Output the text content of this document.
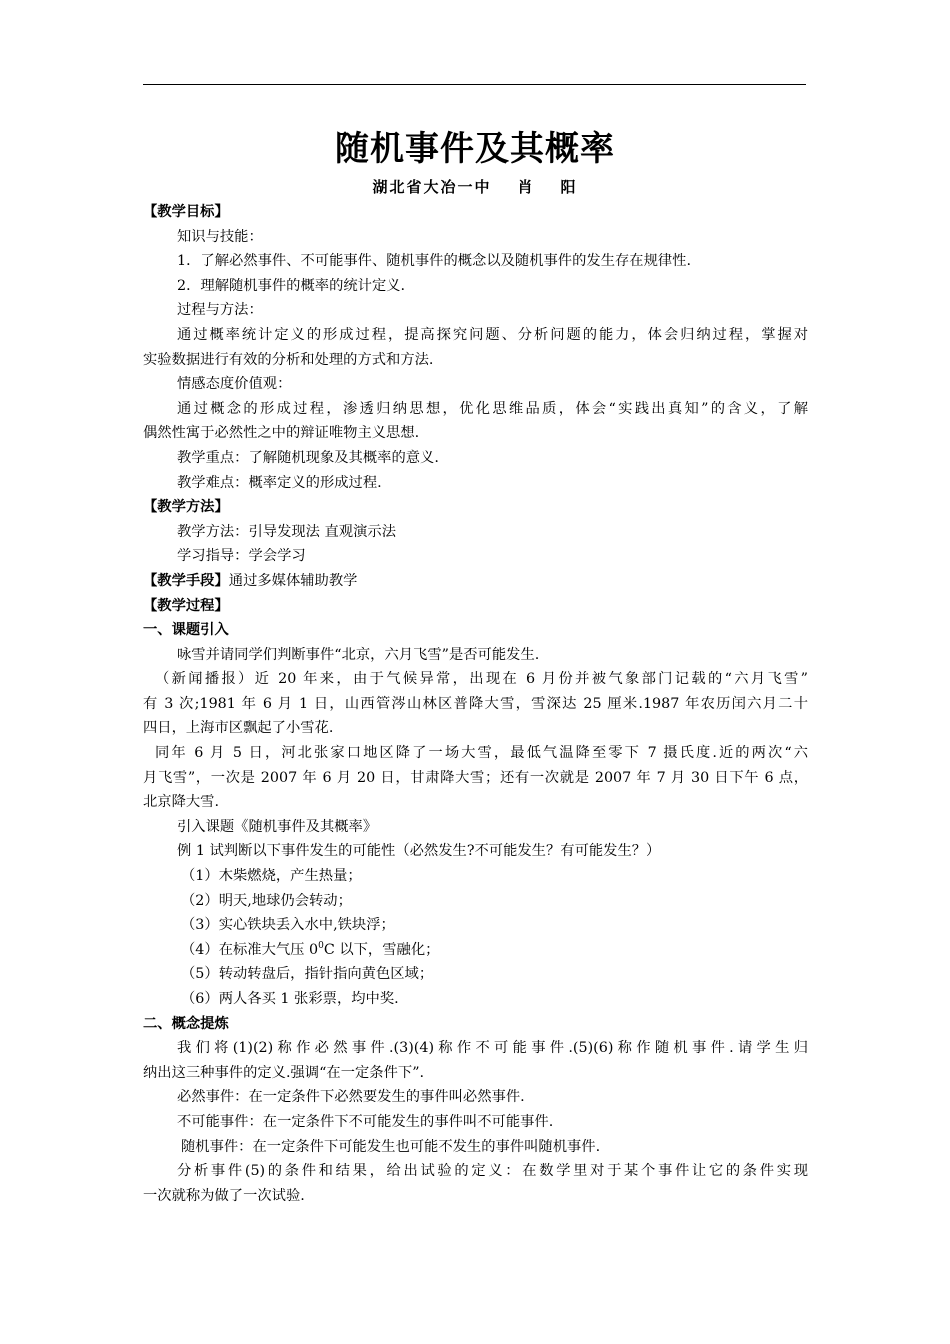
随机事件及其概率
湖北省大冶一中 肖 阳
【教学目标】
知识与技能：
1．了解必然事件、不可能事件、随机事件的概念以及随机事件的发生存在规律性.
2．理解随机事件的概率的统计定义.
过程与方法：
通过概率统计定义的形成过程，提高探究问题、分析问题的能力，体会归纳过程，掌握对
实验数据进行有效的分析和处理的方式和方法.
情感态度价值观：
通过概念的形成过程，渗透归纳思想，优化思维品质，体会“实践出真知”的含义，了解
偶然性寓于必然性之中的辩证唯物主义思想.
教学重点：了解随机现象及其概率的意义.
教学难点：概率定义的形成过程.
【教学方法】
教学方法：引导发现法 直观演示法
学习指导：学会学习
【教学手段】通过多媒体辅助教学
【教学过程】
一、课题引入
咏雪并请同学们判断事件“北京，六月飞雪”是否可能发生.
（新闻播报）近 20 年来，由于气候异常，出现在 6 月份并被气象部门记载的“六月飞雪”
有 3 次;1981 年 6 月 1 日，山西管涔山林区普降大雪，雪深达 25 厘米.1987 年农历闰六月二十
四日，上海市区飘起了小雪花.
同年 6 月 5 日，河北张家口地区降了一场大雪，最低气温降至零下 7 摄氏度.近的两次“六
月飞雪”，一次是 2007 年 6 月 20 日，甘肃降大雪；还有一次就是 2007 年 7 月 30 日下午 6 点，
北京降大雪.
引入课题《随机事件及其概率》
例 1 试判断以下事件发生的可能性（必然发生?不可能发生？有可能发生？）
（1）木柴燃烧，产生热量；
（2）明天,地球仍会转动；
（3）实心铁块丢入水中,铁块浮；
（4）在标准大气压 $0^0C$ 以下，雪融化；
（5）转动转盘后，指针指向黄色区域；
（6）两人各买 1 张彩票，均中奖.
二、概念提炼
我们将(1)(2)称作必然事件.(3)(4)称作不可能事件.(5)(6)称作随机事件.请学生归
纳出这三种事件的定义.强调“在一定条件下”.
必然事件：在一定条件下必然要发生的事件叫必然事件.
不可能事件：在一定条件下不可能发生的事件叫不可能事件.
随机事件：在一定条件下可能发生也可能不发生的事件叫随机事件.
分析事件(5)的条件和结果，给出试验的定义：在数学里对于某个事件让它的条件实现
一次就称为做了一次试验.
